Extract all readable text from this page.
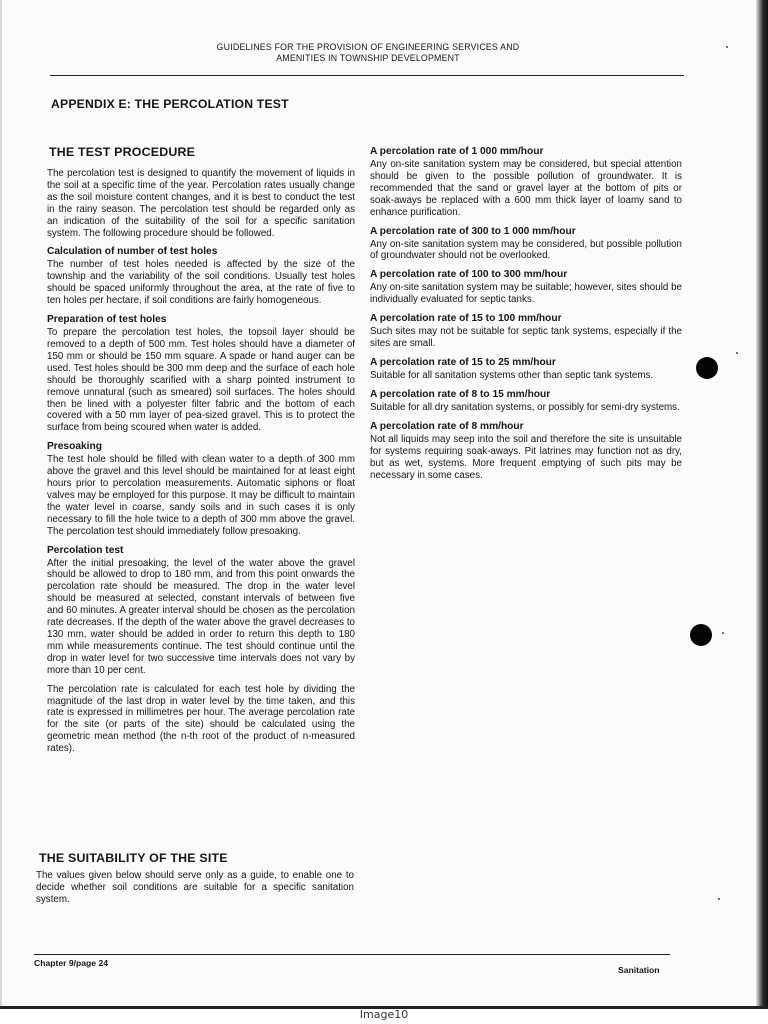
GUIDELINES FOR THE PROVISION OF ENGINEERING SERVICES AND
AMENITIES IN TOWNSHIP DEVELOPMENT
APPENDIX E: THE PERCOLATION TEST
THE TEST PROCEDURE

The percolation test is designed to quantify the movement of liquids in the soil at a specific time of the year. Percolation rates usually change as the soil moisture content changes, and it is best to conduct the test in the rainy season. The percolation test should be regarded only as an indication of the suitability of the soil for a specific sanitation system. The following procedure should be followed.

Calculation of number of test holes

The number of test holes needed is affected by the size of the township and the variability of the soil conditions. Usually test holes should be spaced uniformly throughout the area, at the rate of five to ten holes per hectare, if soil conditions are fairly homogeneous.

Preparation of test holes

To prepare the percolation test holes, the topsoil layer should be removed to a depth of 500 mm. Test holes should have a diameter of 150 mm or should be 150 mm square. A spade or hand auger can be used. Test holes should be 300 mm deep and the surface of each hole should be thoroughly scarified with a sharp pointed instrument to remove unnatural (such as smeared) soil surfaces. The holes should then be lined with a polyester filter fabric and the bottom of each covered with a 50 mm layer of pea-sized gravel. This is to protect the surface from being scoured when water is added.

Presoaking

The test hole should be filled with clean water to a depth of 300 mm above the gravel and this level should be maintained for at least eight hours prior to percolation measurements. Automatic siphons or float valves may be employed for this purpose. It may be difficult to maintain the water level in coarse, sandy soils and in such cases it is only necessary to fill the hole twice to a depth of 300 mm above the gravel. The percolation test should immediately follow presoaking.

Percolation test

After the initial presoaking, the level of the water above the gravel should be allowed to drop to 180 mm, and from this point onwards the percolation rate should be measured. The drop in the water level should be measured at selected, constant intervals of between five and 60 minutes. A greater interval should be chosen as the percolation rate decreases. If the depth of the water above the gravel decreases to 130 mm, water should be added in order to return this depth to 180 mm while measurements continue. The test should continue until the drop in water level for two successive time intervals does not vary by more than 10 per cent.

The percolation rate is calculated for each test hole by dividing the magnitude of the last drop in water level by the time taken, and this rate is expressed in millimetres per hour. The average percolation rate for the site (or parts of the site) should be calculated using the geometric mean method (the n-th root of the product of n-measured rates).

THE SUITABILITY OF THE SITE

The values given below should serve only as a guide, to enable one to decide whether soil conditions are suitable for a specific sanitation system.

A percolation rate of 1 000 mm/hour

Any on-site sanitation system may be considered, but special attention should be given to the possible pollution of groundwater. It is recommended that the sand or gravel layer at the bottom of pits or soak-aways be replaced with a 600 mm thick layer of loamy sand to enhance purification.

A percolation rate of 300 to 1 000 mm/hour

Any on-site sanitation system may be considered, but possible pollution of groundwater should not be overlooked.

A percolation rate of 100 to 300 mm/hour

Any on-site sanitation system may be suitable; however, sites should be individually evaluated for septic tanks.

A percolation rate of 15 to 100 mm/hour

Such sites may not be suitable for septic tank systems, especially if the sites are small.

A percolation rate of 15 to 25 mm/hour

Suitable for all sanitation systems other than septic tank systems.

A percolation rate of 8 to 15 mm/hour

Suitable for all dry sanitation systems, or possibly for semi-dry systems.

A percolation rate of 8 mm/hour

Not all liquids may seep into the soil and therefore the site is unsuitable for systems requiring soak-aways. Pit latrines may function not as dry, but as wet, systems. More frequent emptying of such pits may be necessary in some cases.

Chapter 9/page 24
Sanitation
Image10
